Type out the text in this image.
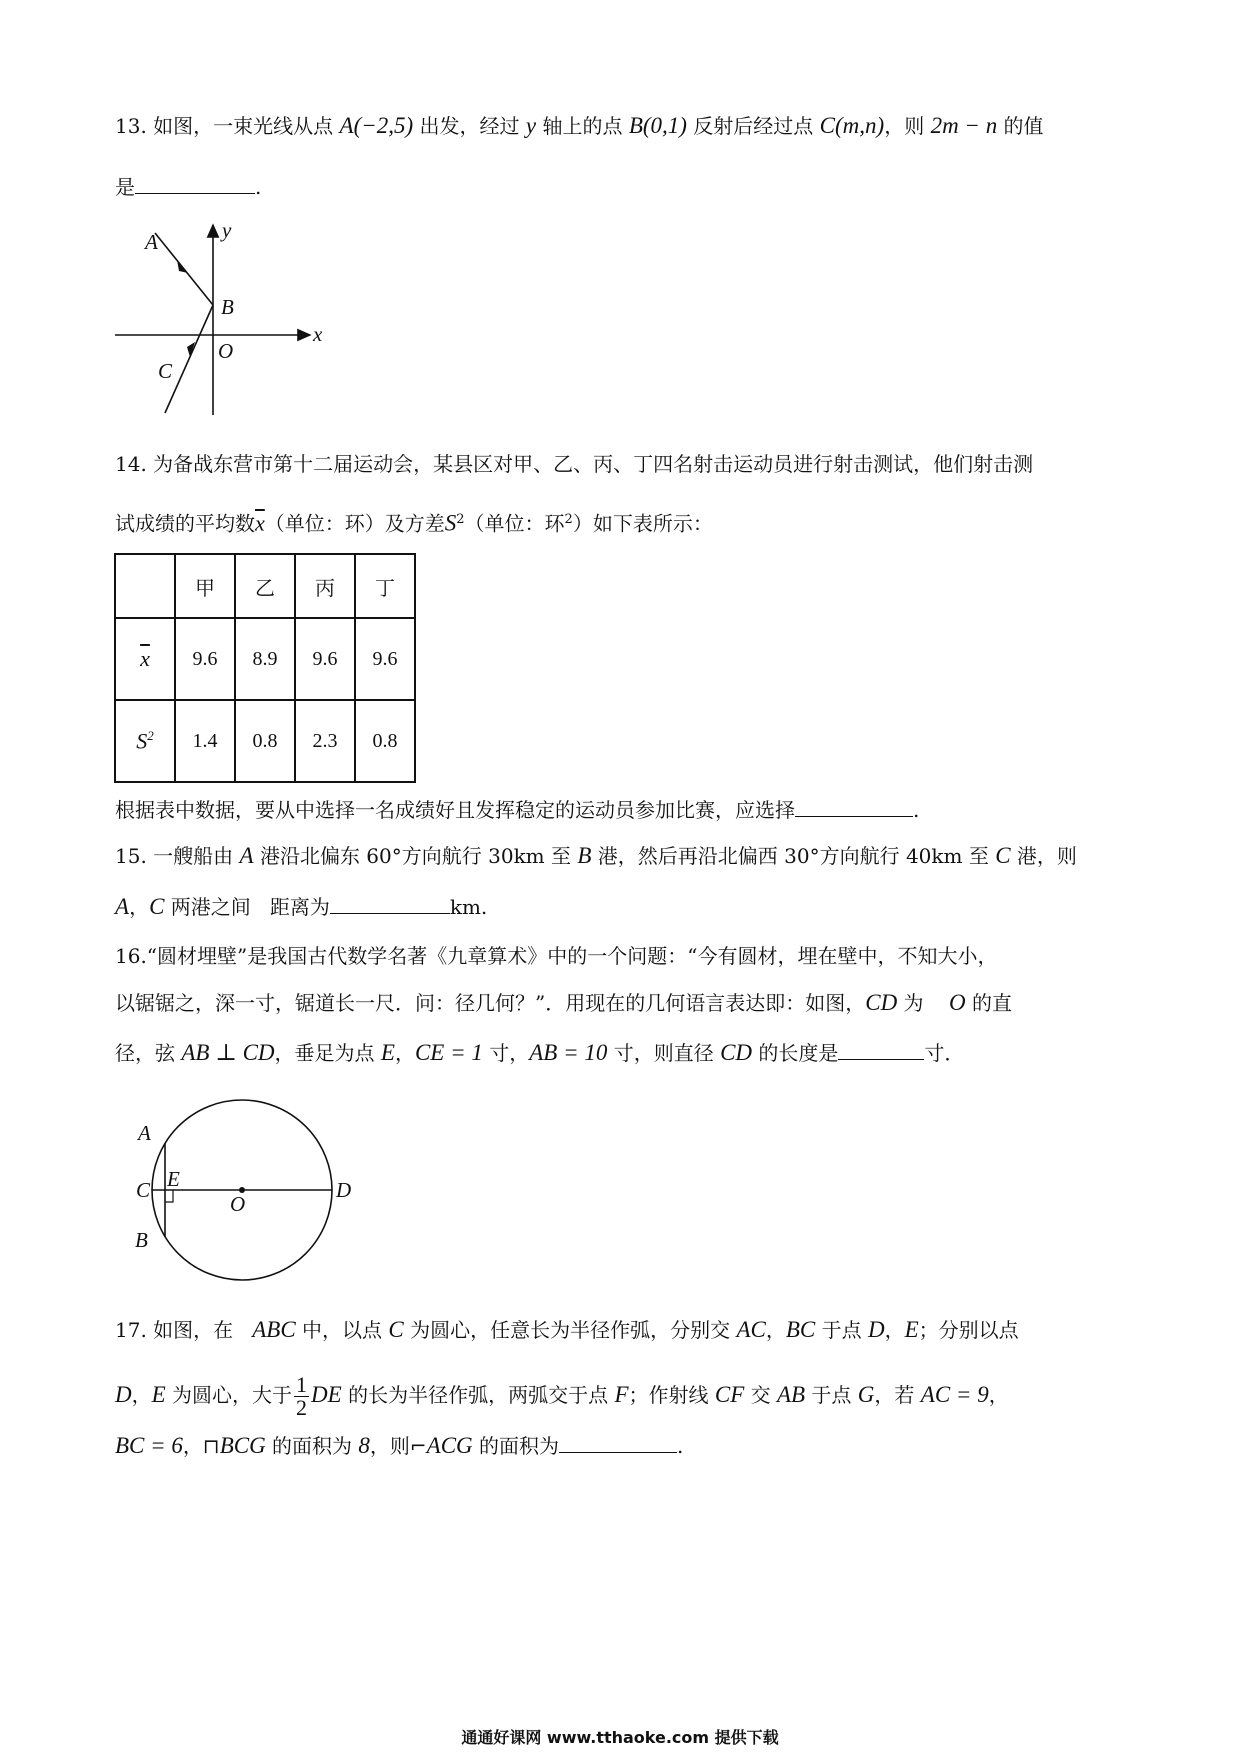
13. 如图，一束光线从点 A(−2,5) 出发，经过 y 轴上的点 B(0,1) 反射后经过点 C(m,n)，则 2m − n 的值
是	.
A
B
C
O
x
y
14. 为备战东营市第十二届运动会，某县区对甲、乙、丙、丁四名射击运动员进行射击测试，他们射击测
试成绩的平均数$\overline{x}$（单位：环）及方差$S^2$（单位：环$^2$）如下表所示：
	甲	乙	丙	丁
$\overline{x}$	9.6	8.9	9.6	9.6
$S^2$	1.4	0.8	2.3	0.8
根据表中数据，要从中选择一名成绩好且发挥稳定的运动员参加比赛，应选择	.
15. 一艘船由 A 港沿北偏东 60°方向航行 30km 至 B 港，然后再沿北偏西 30°方向航行 40km 至 C 港，则
A，C 两港之间   距离为	km.
16.“圆材埋壁”是我国古代数学名著《九章算术》中的一个问题：“今有圆材，埋在壁中，不知大小，
以锯锯之，深一寸，锯道长一尺．问：径几何？”．用现在的几何语言表达即：如图，CD 为    O 的直
径，弦 AB ⊥ CD，垂足为点 E，CE = 1 寸，AB = 10 寸，则直径 CD 的长度是	寸．
C	D
A
B
E
O
17. 如图，在   ABC 中，以点 C 为圆心，任意长为半径作弧，分别交 AC，BC 于点 D，E；分别以点
D，E 为圆心，大于 $\frac{1}{2}$ DE 的长为半径作弧，两弧交于点 F；作射线 CF 交 AB 于点 G，若 AC = 9，
BC = 6，⊓BCG 的面积为 8，则⌐ACG 的面积为	.
通通好课网 www.tthaoke.com 提供下载
